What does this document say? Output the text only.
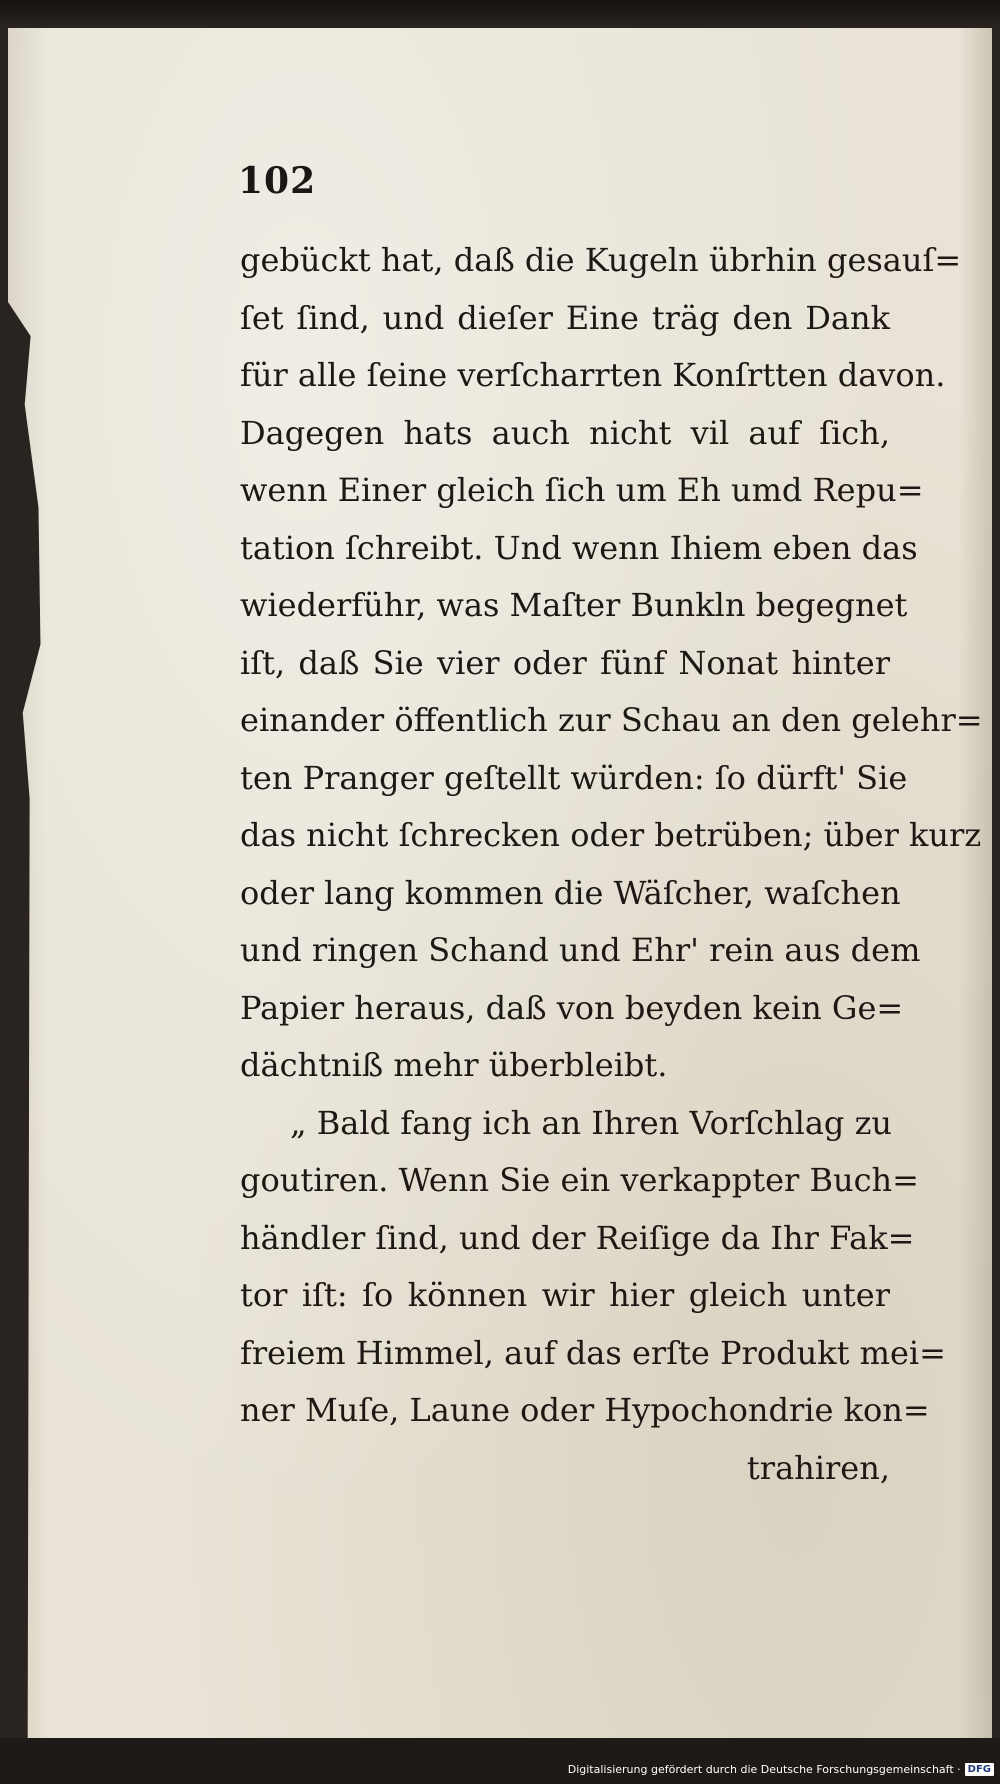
102
gebückt hat, daß die Kugeln übrhin gesauſ=
ſet ſind, und dieſer Eine träg den Dank
für alle ſeine verſcharrten Konſrtten davon.
Dagegen hats auch nicht vil auf ſich,
wenn Einer gleich ſich um Eh umd Repu=
tation ſchreibt. Und wenn Ihiem eben das
wiederführ, was Maſter Bunkln begegnet
iſt, daß Sie vier oder fünf Nonat hinter
einander öffentlich zur Schau an den gelehr=
ten Pranger geſtellt würden: ſo dürft' Sie
das nicht ſchrecken oder betrüben; über kurz
oder lang kommen die Wäſcher, waſchen
und ringen Schand und Ehr' rein aus dem
Papier heraus, daß von beyden kein Ge=
dächtniß mehr überbleibt.
„ Bald fang ich an Ihren Vorſchlag zu
goutiren. Wenn Sie ein verkappter Buch=
händler ſind, und der Reiſige da Ihr Fak=
tor iſt: ſo können wir hier gleich unter
freiem Himmel, auf das erſte Produkt mei=
ner Muſe, Laune oder Hypochondrie kon=
trahiren,
Digitalisierung gefördert durch die Deutsche Forschungsgemeinschaft · DFG
